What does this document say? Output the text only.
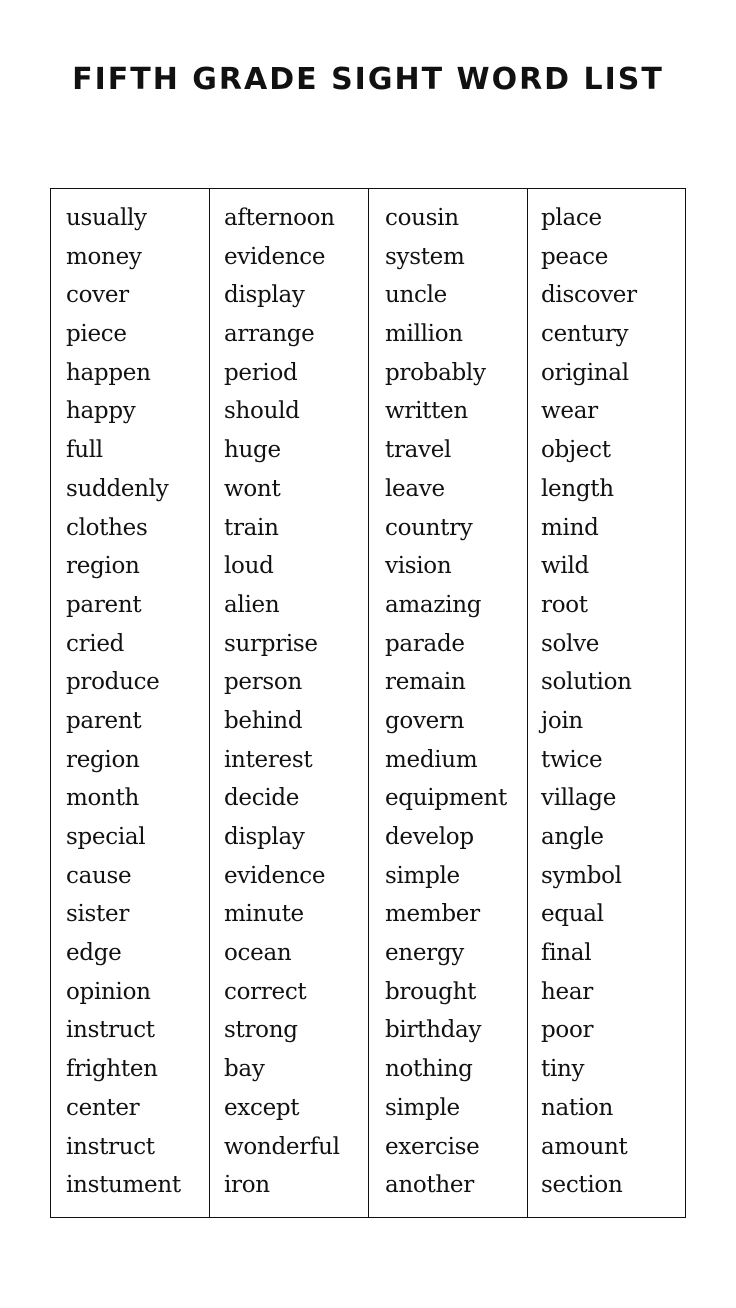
FIFTH GRADE SIGHT WORD LIST
usually
money
cover
piece
happen
happy
full
suddenly
clothes
region
parent
cried
produce
parent
region
month
special
cause
sister
edge
opinion
instruct
frighten
center
instruct
instument
afternoon
evidence
display
arrange
period
should
huge
wont
train
loud
alien
surprise
person
behind
interest
decide
display
evidence
minute
ocean
correct
strong
bay
except
wonderful
iron
cousin
system
uncle
million
probably
written
travel
leave
country
vision
amazing
parade
remain
govern
medium
equipment
develop
simple
member
energy
brought
birthday
nothing
simple
exercise
another
place
peace
discover
century
original
wear
object
length
mind
wild
root
solve
solution
join
twice
village
angle
symbol
equal
final
hear
poor
tiny
nation
amount
section
